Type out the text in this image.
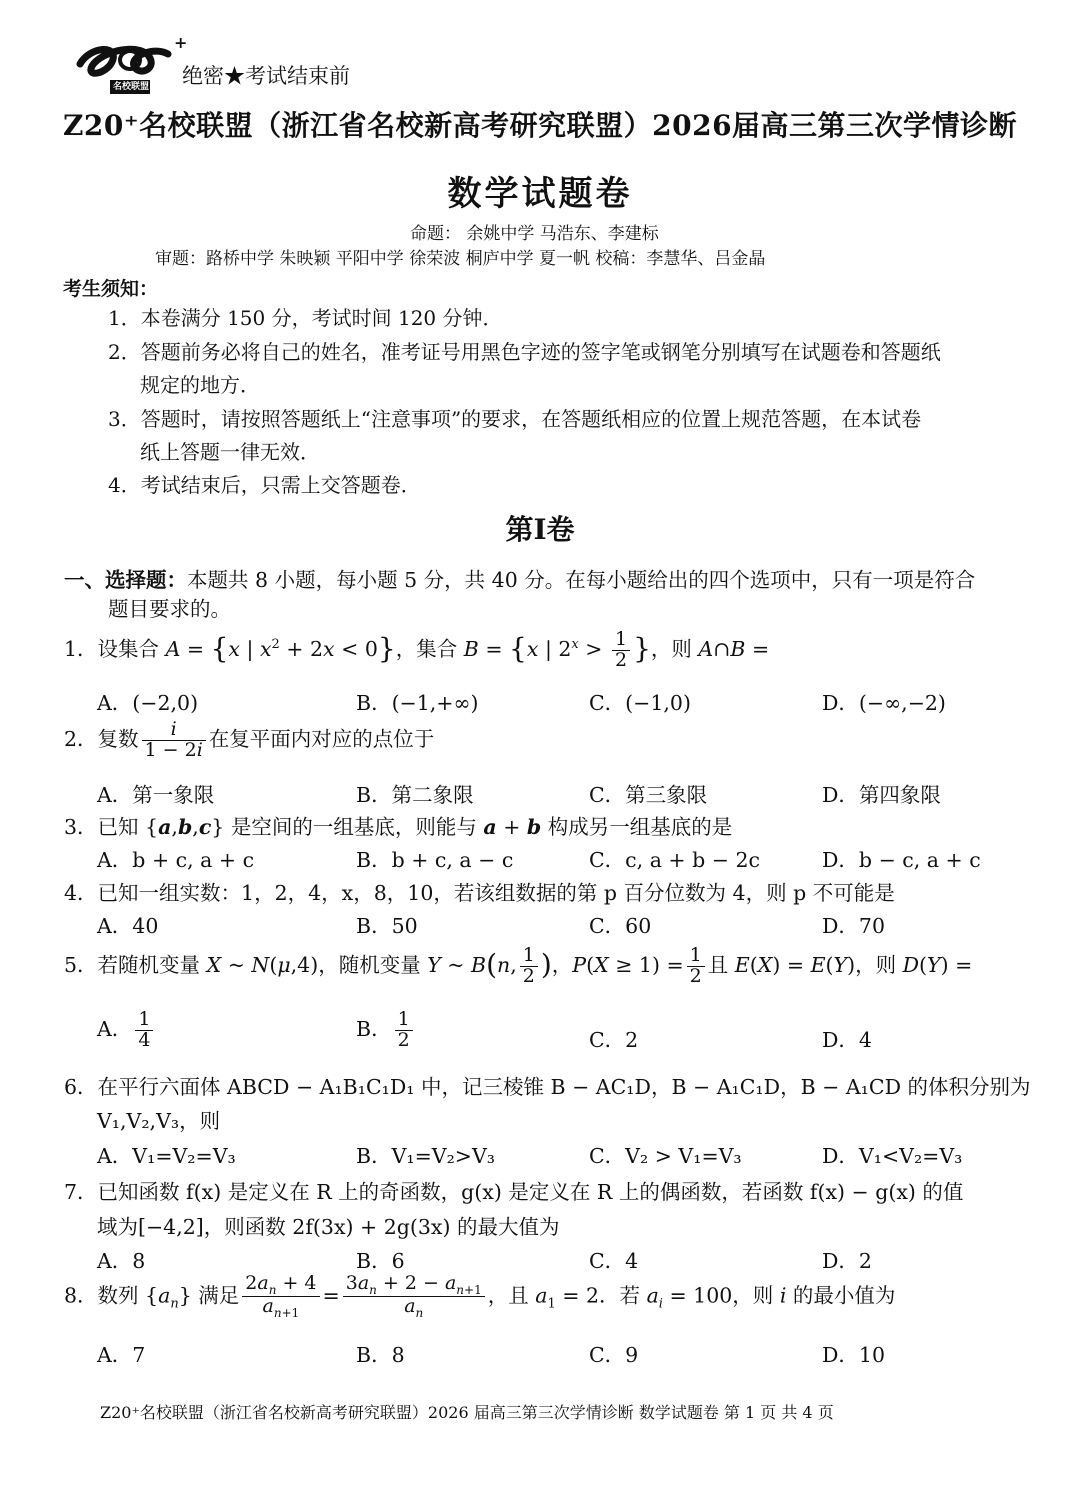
+
名校联盟 绝密★考试结束前
Z20⁺名校联盟（浙江省名校新高考研究联盟）2026届高三第三次学情诊断
数学试题卷
命题： 余姚中学 马浩东、李建标
审题：路桥中学 朱映颖 平阳中学 徐荣波 桐庐中学 夏一帆 校稿：李慧华、吕金晶
考生须知：
1．本卷满分 150 分，考试时间 120 分钟．
2．答题前务必将自己的姓名，准考证号用黑色字迹的签字笔或钢笔分别填写在试题卷和答题纸
规定的地方．
3．答题时，请按照答题纸上“注意事项”的要求，在答题纸相应的位置上规范答题，在本试卷
纸上答题一律无效．
4．考试结束后，只需上交答题卷．
第Ⅰ卷
一、选择题：本题共 8 小题，每小题 5 分，共 40 分。在每小题给出的四个选项中，只有一项是符合
题目要求的。
1．设集合 A = {x | $x^2 + 2x < 0$}，集合 B = {x | $2^x > \frac{1}{2}$ }，则 A∩B =
A．(−2,0)	B．(−1,+∞)	C．(−1,0)	D．(−∞,−2)
2．复数 $\frac{i}{1 - 2i}$ 在复平面内对应的点位于
A．第一象限	B．第二象限	C．第三象限	D．第四象限
3．已知 {a,b,c} 是空间的一组基底，则能与 a + b 构成另一组基底的是
A．b + c, a + c	B．b + c, a − c	C．c, a + b − 2c	D．b − c, a + c
4．已知一组实数：1，2，4，x，8，10，若该组数据的第 p 百分位数为 4，则 p 不可能是
A．40	B．50	C．60	D．70
5．若随机变量 X ~ N(μ,4)，随机变量 Y ~ B(n, $\frac{1}{2}$ )，$P(X \ge 1) = \frac{1}{2}$ 且 E(X) = E(Y)，则 D(Y) =
A． $\frac{1}{4}$	B． $\frac{1}{2}$	C．2	D．4
6．在平行六面体 ABCD − A₁B₁C₁D₁ 中，记三棱锥 B − AC₁D，B − A₁C₁D，B − A₁CD 的体积分别为
V₁,V₂,V₃，则
A．V₁=V₂=V₃	B．V₁=V₂>V₃	C．V₂ > V₁=V₃	D．V₁<V₂=V₃
7．已知函数 f(x) 是定义在 R 上的奇函数，g(x) 是定义在 R 上的偶函数，若函数 f(x) − g(x) 的值
域为[−4,2]，则函数 2f(3x) + 2g(3x) 的最大值为
A．8	B．6	C．4	D．2
8．数列 $\{a_n\}$ 满足 $\frac{2a_n + 4}{a_{n+1}} = \frac{3a_n + 2 - a_{n+1}}{a_n}$ ，且 $a_1 = 2$．若 $a_i = 100$，则 i 的最小值为
A．7	B．8	C．9	D．10
Z20⁺名校联盟（浙江省名校新高考研究联盟）2026 届高三第三次学情诊断 数学试题卷 第 1 页 共 4 页
